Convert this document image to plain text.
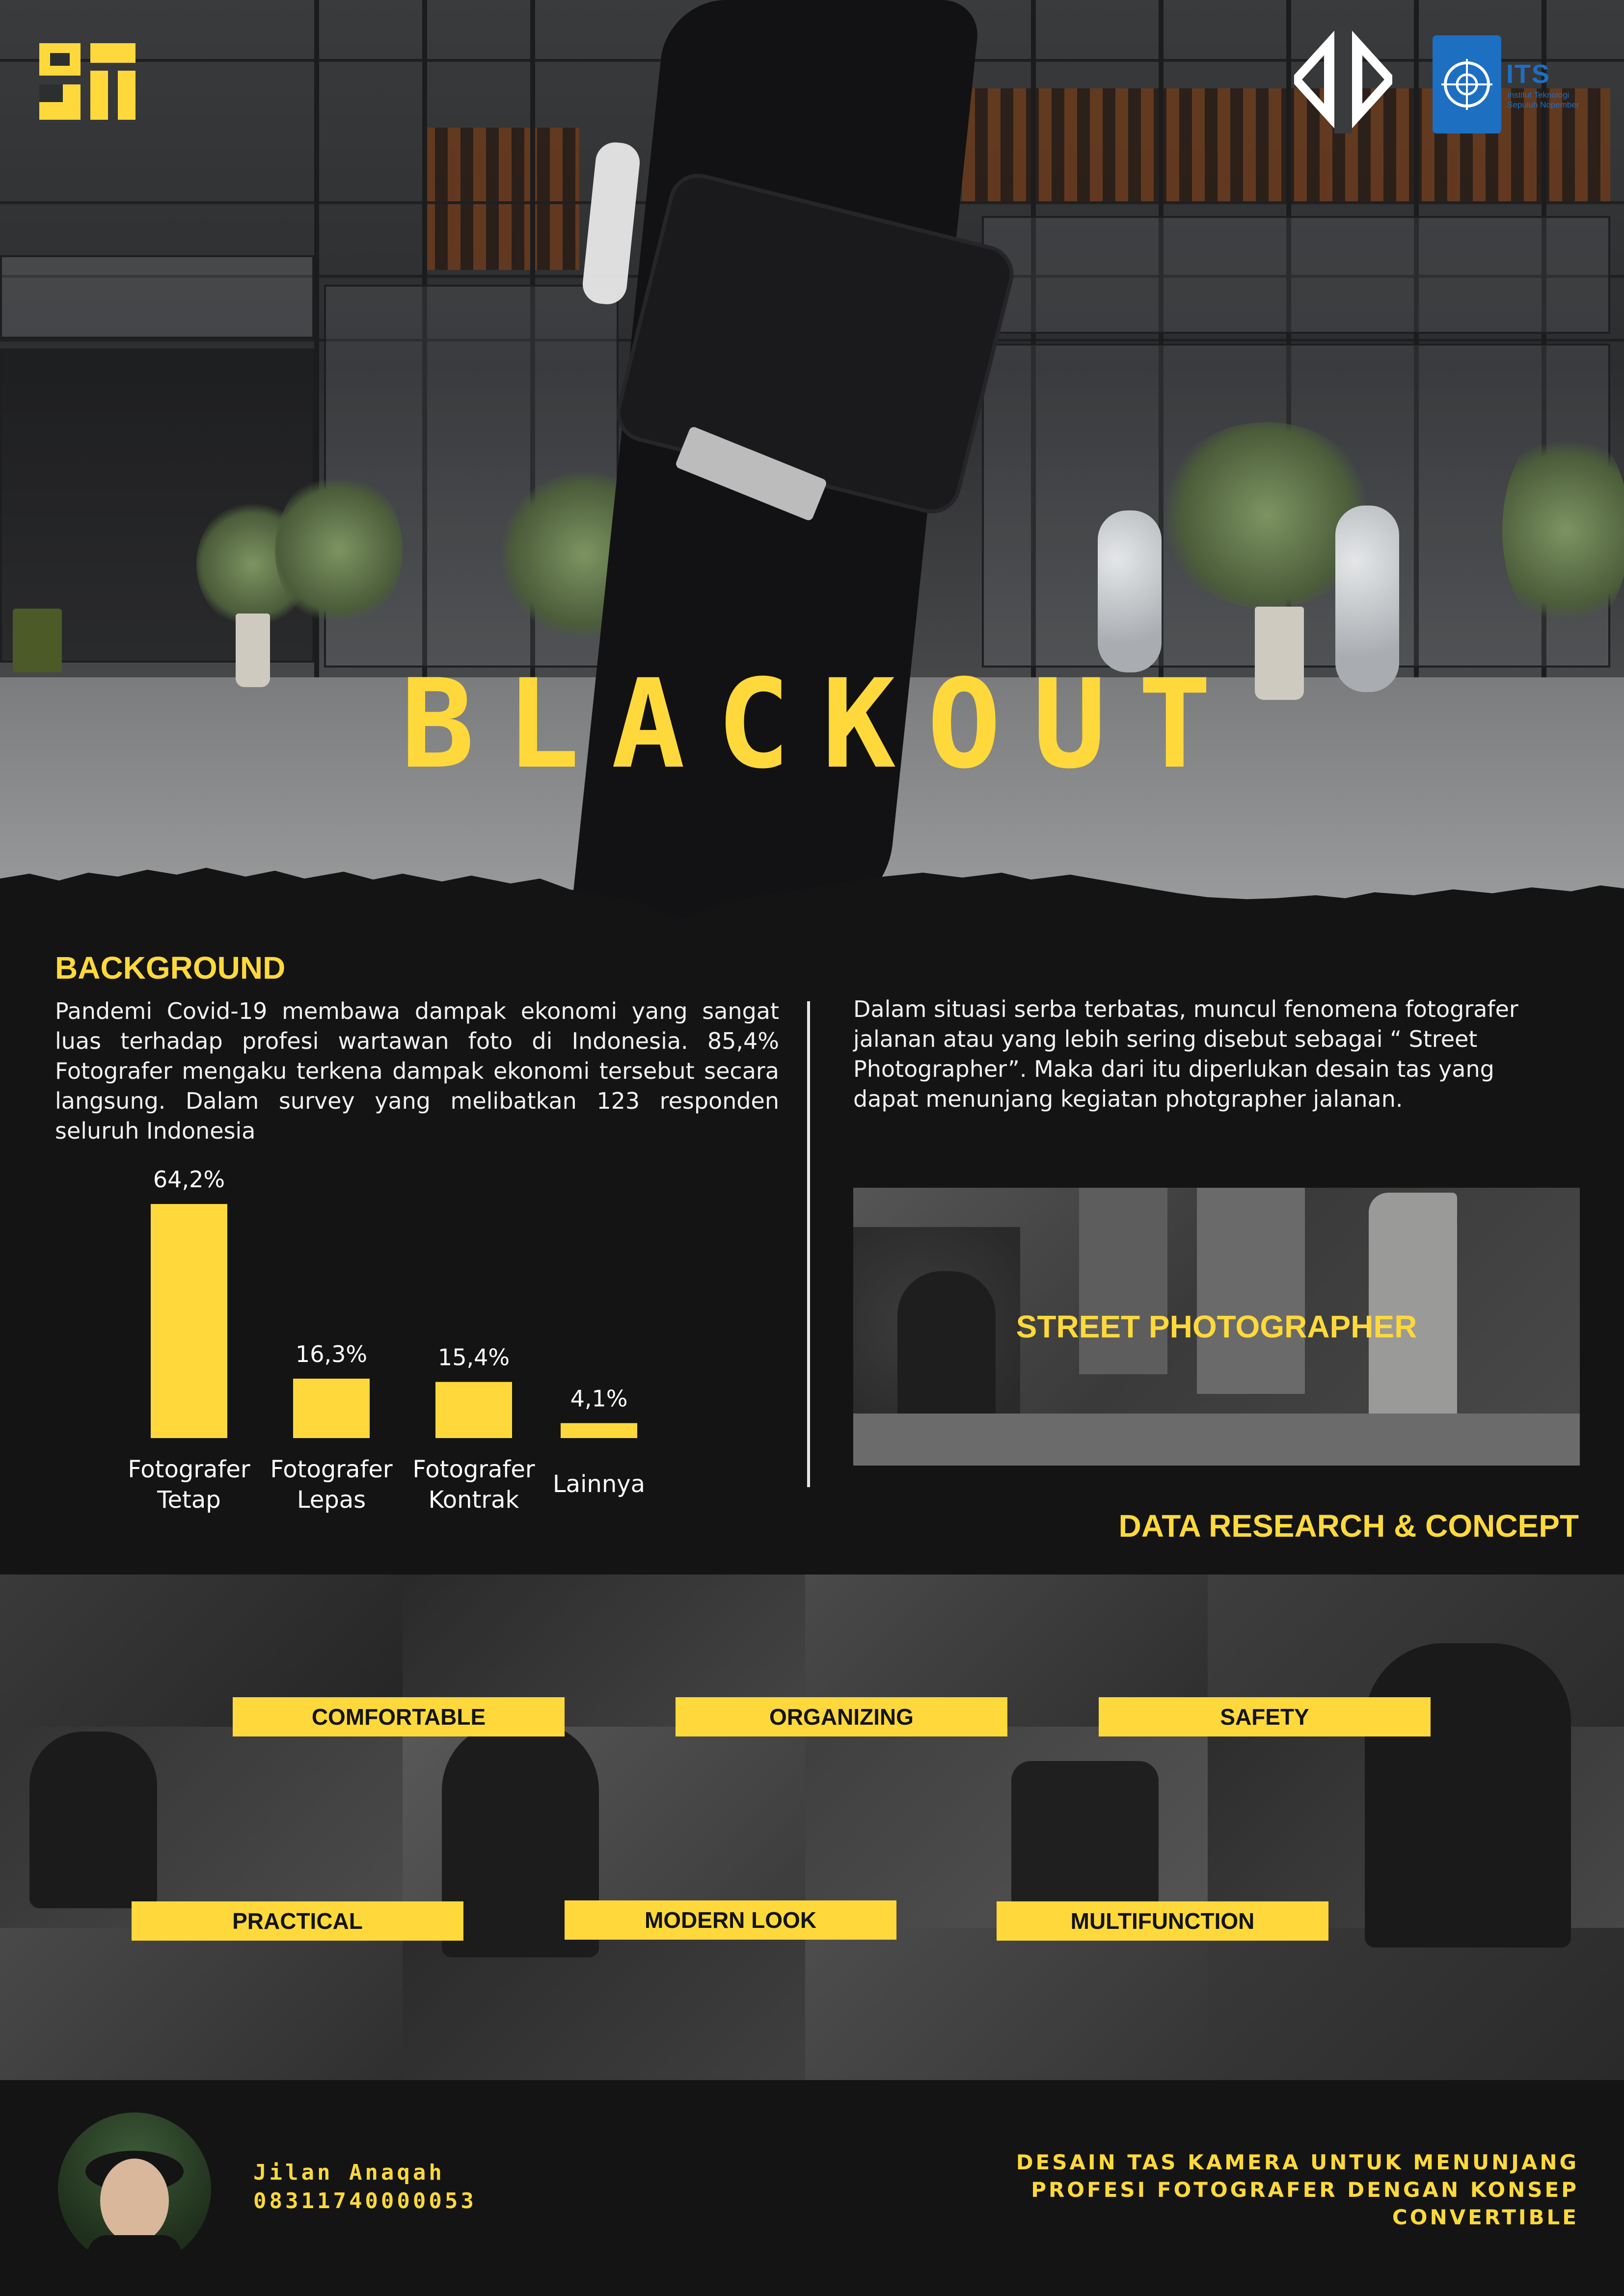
ITS
Institut Teknologi Sepuluh Nopember
BLACKOUT
BACKGROUND
Pandemi Covid-19 membawa dampak ekonomi yang sangat luas terhadap profesi wartawan foto di Indonesia. 85,4% Fotografer mengaku terkena dampak ekonomi tersebut secara langsung. Dalam survey yang melibatkan 123 responden seluruh Indonesia
Dalam situasi serba terbatas, muncul fenomena fotografer jalanan atau yang lebih sering disebut sebagai “ Street Photographer”. Maka dari itu diperlukan desain tas yang dapat menunjang kegiatan photgrapher jalanan.
64,2%
16,3%	15,4%
4,1%
Fotografer
Tetap
Fotografer
Lepas
Fotografer
Kontrak
Lainnya
STREET PHOTOGRAPHER
DATA RESEARCH & CONCEPT
COMFORTABLE	ORGANIZING	SAFETY
PRACTICAL	MODERN LOOK	MULTIFUNCTION
Jilan Anaqah
08311740000053
DESAIN TAS KAMERA UNTUK MENUNJANG PROFESI FOTOGRAFER DENGAN KONSEP CONVERTIBLE
